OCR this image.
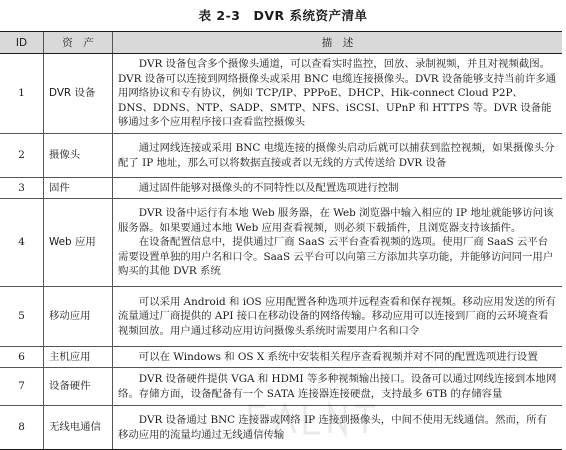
表 2-3　DVR 系统资产清单
ID	资　产	描　述
1	DVR 设备	DVR 设备包含多个摄像头通道，可以查看实时监控，回放、录制视频，并且对视频截图。DVR 设备可以连接到网络摄像头或采用 BNC 电缆连接摄像头。DVR 设备能够支持当前许多通用网络协议和专有协议，例如 TCP/IP、PPPoE、DHCP、Hik-connect Cloud P2P、DNS、DDNS、NTP、SADP、SMTP、NFS、iSCSI、UPnP 和 HTTPS 等。DVR 设备能够通过多个应用程序接口查看监控摄像头

2	摄像头	通过网线连接或采用 BNC 电缆连接的摄像头启动后就可以捕获到监控视频，如果摄像头分配了 IP 地址，那么可以将数据直接或者以无线的方式传送给 DVR 设备

3	固件	通过固件能够对摄像头的不同特性以及配置选项进行控制

4	Web 应用	DVR 设备中运行有本地 Web 服务器，在 Web 浏览器中输入相应的 IP 地址就能够访问该服务器。如果要通过本地 Web 应用查看视频，则必须下载插件，且浏览器支持该插件。
在设备配置信息中，提供通过厂商 SaaS 云平台查看视频的选项。使用厂商 SaaS 云平台需要设置单独的用户名和口令。SaaS 云平台可以向第三方添加共享功能，并能够访问同一用户购买的其他 DVR 系统

5	移动应用	可以采用 Android 和 iOS 应用配置各种选项并远程查看和保存视频。移动应用发送的所有流量通过厂商提供的 API 接口在移动设备的网络传输。移动应用可以连接到厂商的云环境查看视频回放。用户通过移动应用访问摄像头系统时需要用户名和口令

6	主机应用	可以在 Windows 和 OS X 系统中安装相关程序查看视频并对不同的配置选项进行设置

7	设备硬件	DVR 设备硬件提供 VGA 和 HDMI 等多种视频输出接口。设备可以通过网线连接到本地网络。存储方面，设备配备有一个 SATA 连接器连接硬盘，支持最多 6TB 的存储容量

8	无线电通信	DVR 设备通过 BNC 连接器或网络 IP 连接到摄像头，中间不使用无线通信。然而，所有移动应用的流量均通过无线通信传输
